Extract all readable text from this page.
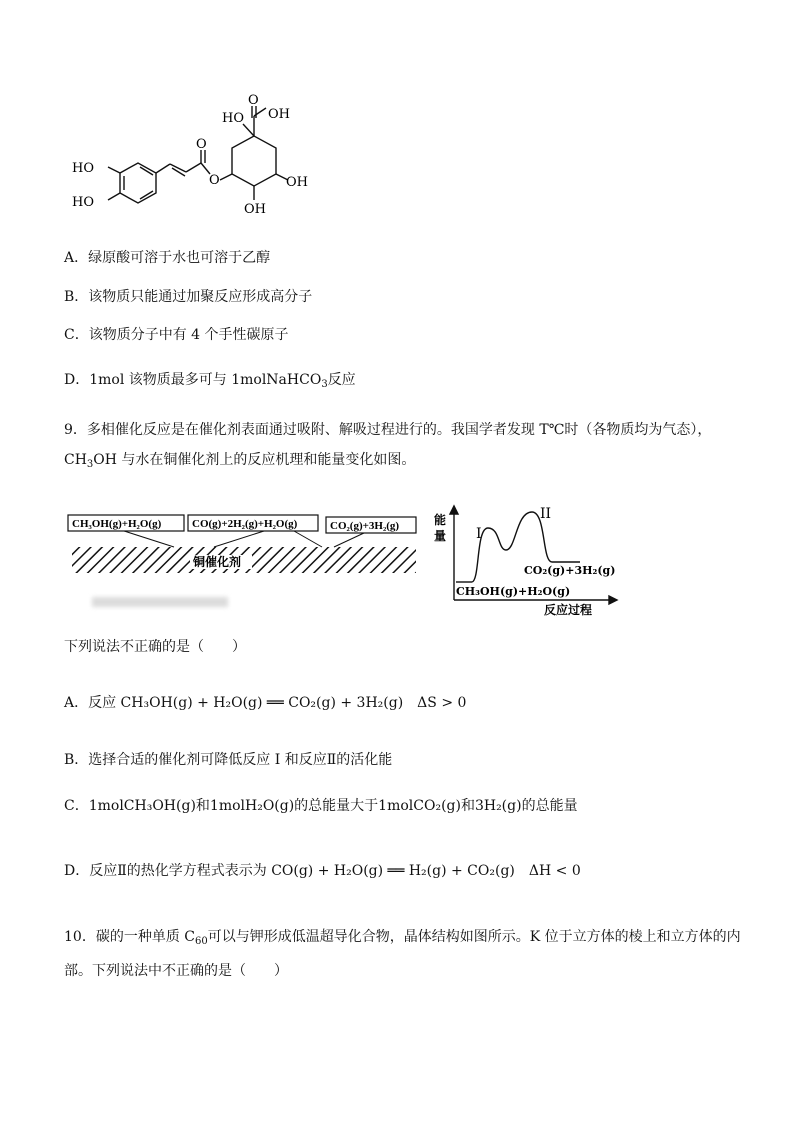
HO
HO
O
O
O
HO OH
OH
OH
A．绿原酸可溶于水也可溶于乙醇
B．该物质只能通过加聚反应形成高分子
C．该物质分子中有 4 个手性碳原子
D．1mol 该物质最多可与 1molNaHCO$_3$反应
9．多相催化反应是在催化剂表面通过吸附、解吸过程进行的。我国学者发现 T℃时（各物质均为气态），
$CH_3OH$ 与水在铜催化剂上的反应机理和能量变化如图。
CH₃OH(g)+H₂O(g)	CO(g)+2H₂(g)+H₂O(g)	CO₂(g)+3H₂(g)
铜催化剂
能
量 I
II
CO₂(g)+3H₂(g)
CH₃OH(g)+H₂O(g)
反应过程
下列说法不正确的是（　　）
A．反应 CH₃OH(g) + H₂O(g) ══ CO₂(g) + 3H₂(g)　ΔS > 0
B．选择合适的催化剂可降低反应 I 和反应Ⅱ的活化能
C．1molCH₃OH(g)和1molH₂O(g)的总能量大于1molCO₂(g)和3H₂(g)的总能量
D．反应Ⅱ的热化学方程式表示为 CO(g) + H₂O(g) ══ H₂(g) + CO₂(g)　ΔH < 0
10．碳的一种单质 $C_{60}$可以与钾形成低温超导化合物，晶体结构如图所示。K 位于立方体的棱上和立方体的内
部。下列说法中不正确的是（　　）
